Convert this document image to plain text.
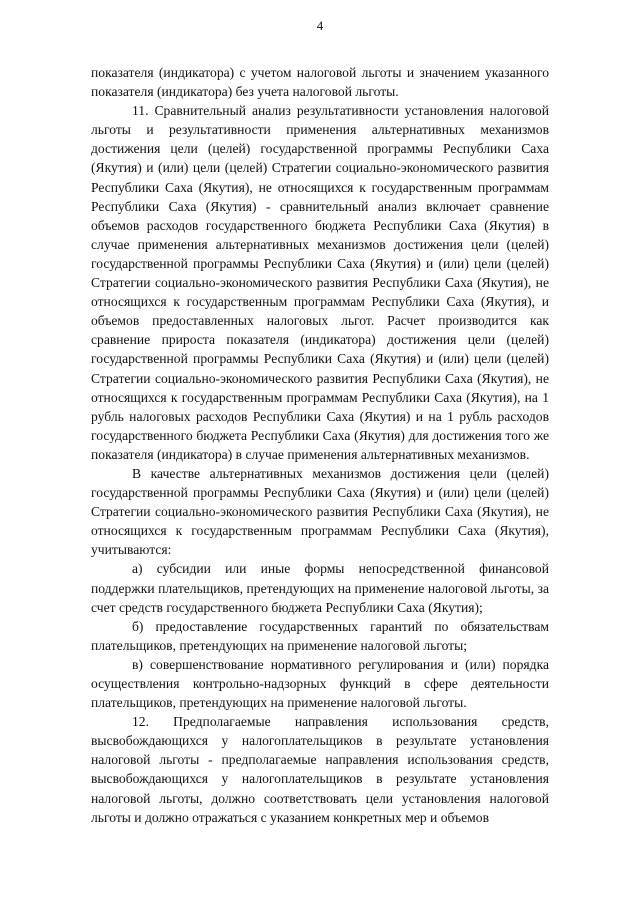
4

показателя (индикатора) с учетом налоговой льготы и значением указанного показателя (индикатора) без учета налоговой льготы.

11. Сравнительный анализ результативности установления налоговой льготы и результативности применения альтернативных механизмов достижения цели (целей) государственной программы Республики Саха (Якутия) и (или) цели (целей) Стратегии социально-экономического развития Республики Саха (Якутия), не относящихся к государственным программам Республики Саха (Якутия) - сравнительный анализ включает сравнение объемов расходов государственного бюджета Республики Саха (Якутия) в случае применения альтернативных механизмов достижения цели (целей) государственной программы Республики Саха (Якутия) и (или) цели (целей) Стратегии социально-экономического развития Республики Саха (Якутия), не относящихся к государственным программам Республики Саха (Якутия), и объемов предоставленных налоговых льгот. Расчет производится как сравнение прироста показателя (индикатора) достижения цели (целей) государственной программы Республики Саха (Якутия) и (или) цели (целей) Стратегии социально-экономического развития Республики Саха (Якутия), не относящихся к государственным программам Республики Саха (Якутия), на 1 рубль налоговых расходов Республики Саха (Якутия) и на 1 рубль расходов государственного бюджета Республики Саха (Якутия) для достижения того же показателя (индикатора) в случае применения альтернативных механизмов.

В качестве альтернативных механизмов достижения цели (целей) государственной программы Республики Саха (Якутия) и (или) цели (целей) Стратегии социально-экономического развития Республики Саха (Якутия), не относящихся к государственным программам Республики Саха (Якутия), учитываются:

а) субсидии или иные формы непосредственной финансовой поддержки плательщиков, претендующих на применение налоговой льготы, за счет средств государственного бюджета Республики Саха (Якутия);

б) предоставление государственных гарантий по обязательствам плательщиков, претендующих на применение налоговой льготы;

в) совершенствование нормативного регулирования и (или) порядка осуществления контрольно-надзорных функций в сфере деятельности плательщиков, претендующих на применение налоговой льготы.

12. Предполагаемые направления использования средств, высвобождающихся у налогоплательщиков в результате установления налоговой льготы - предполагаемые направления использования средств, высвобождающихся у налогоплательщиков в результате установления налоговой льготы, должно соответствовать цели установления налоговой льготы и должно отражаться с указанием конкретных мер и объемов
